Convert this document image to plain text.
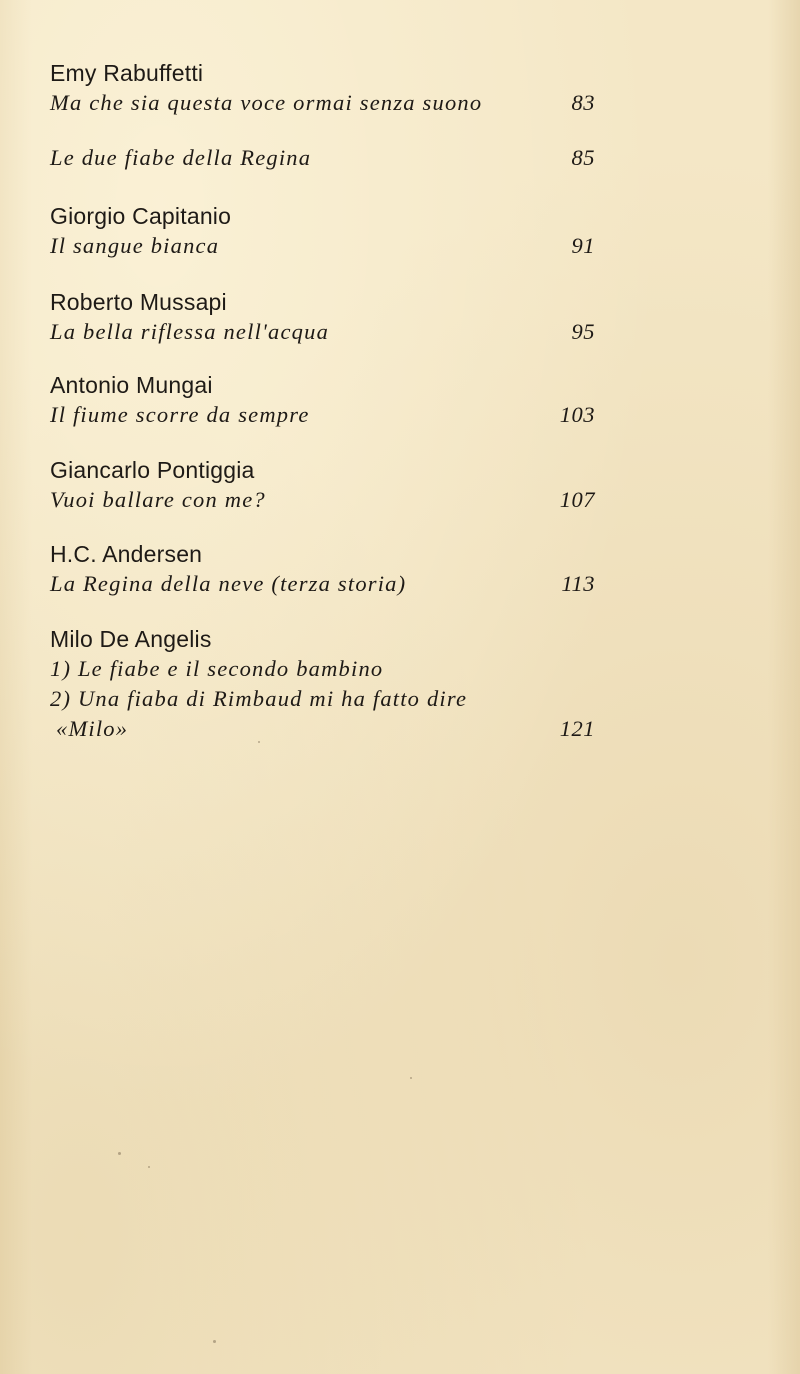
Emy Rabuffetti
Ma che sia questa voce ormai senza suono	83
Le due fiabe della Regina	85
Giorgio Capitanio
Il sangue bianca	91
Roberto Mussapi
La bella riflessa nell'acqua	95
Antonio Mungai
Il fiume scorre da sempre	103
Giancarlo Pontiggia
Vuoi ballare con me?	107
H.C. Andersen
La Regina della neve (terza storia)	113
Milo De Angelis
1) Le fiabe e il secondo bambino
2) Una fiaba di Rimbaud mi ha fatto dire
«Milo»	121
